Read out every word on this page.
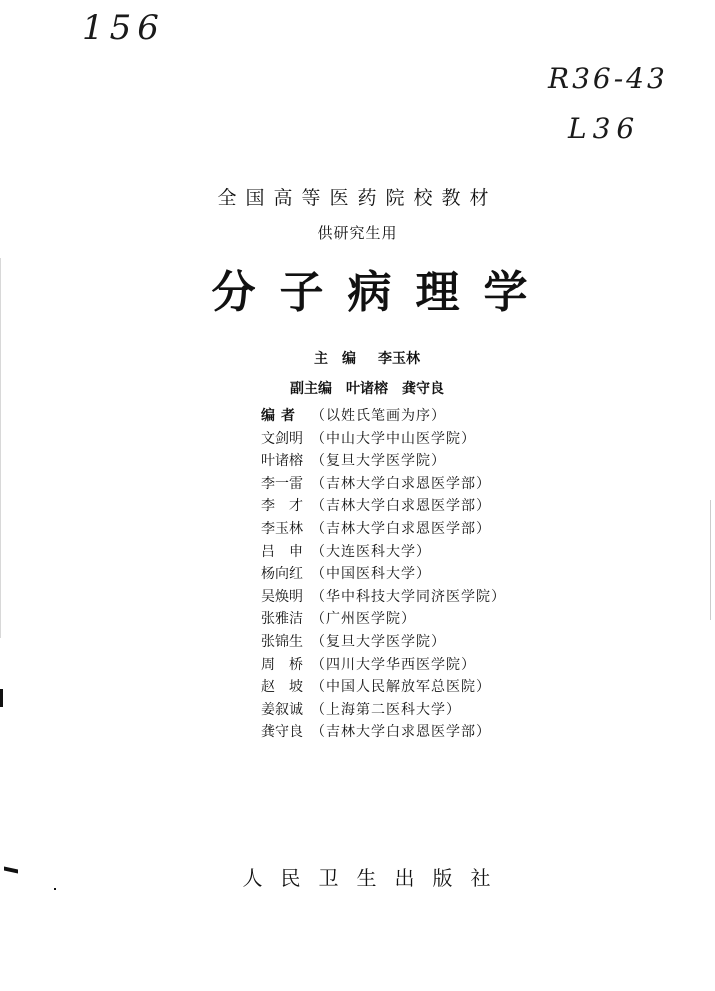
156
R36-43
L36
全国高等医药院校教材
供研究生用
分子病理学
主编 李玉林
副主编 叶诸榕 龚守良
编者 （以姓氏笔画为序）
文剑明 （中山大学中山医学院）
叶诸榕 （复旦大学医学院）
李一雷 （吉林大学白求恩医学部）
李　才 （吉林大学白求恩医学部）
李玉林 （吉林大学白求恩医学部）
吕　申 （大连医科大学）
杨向红 （中国医科大学）
吴焕明 （华中科技大学同济医学院）
张雅洁 （广州医学院）
张锦生 （复旦大学医学院）
周　桥 （四川大学华西医学院）
赵　坡 （中国人民解放军总医院）
姜叙诚 （上海第二医科大学）
龚守良 （吉林大学白求恩医学部）
人民卫生出版社
